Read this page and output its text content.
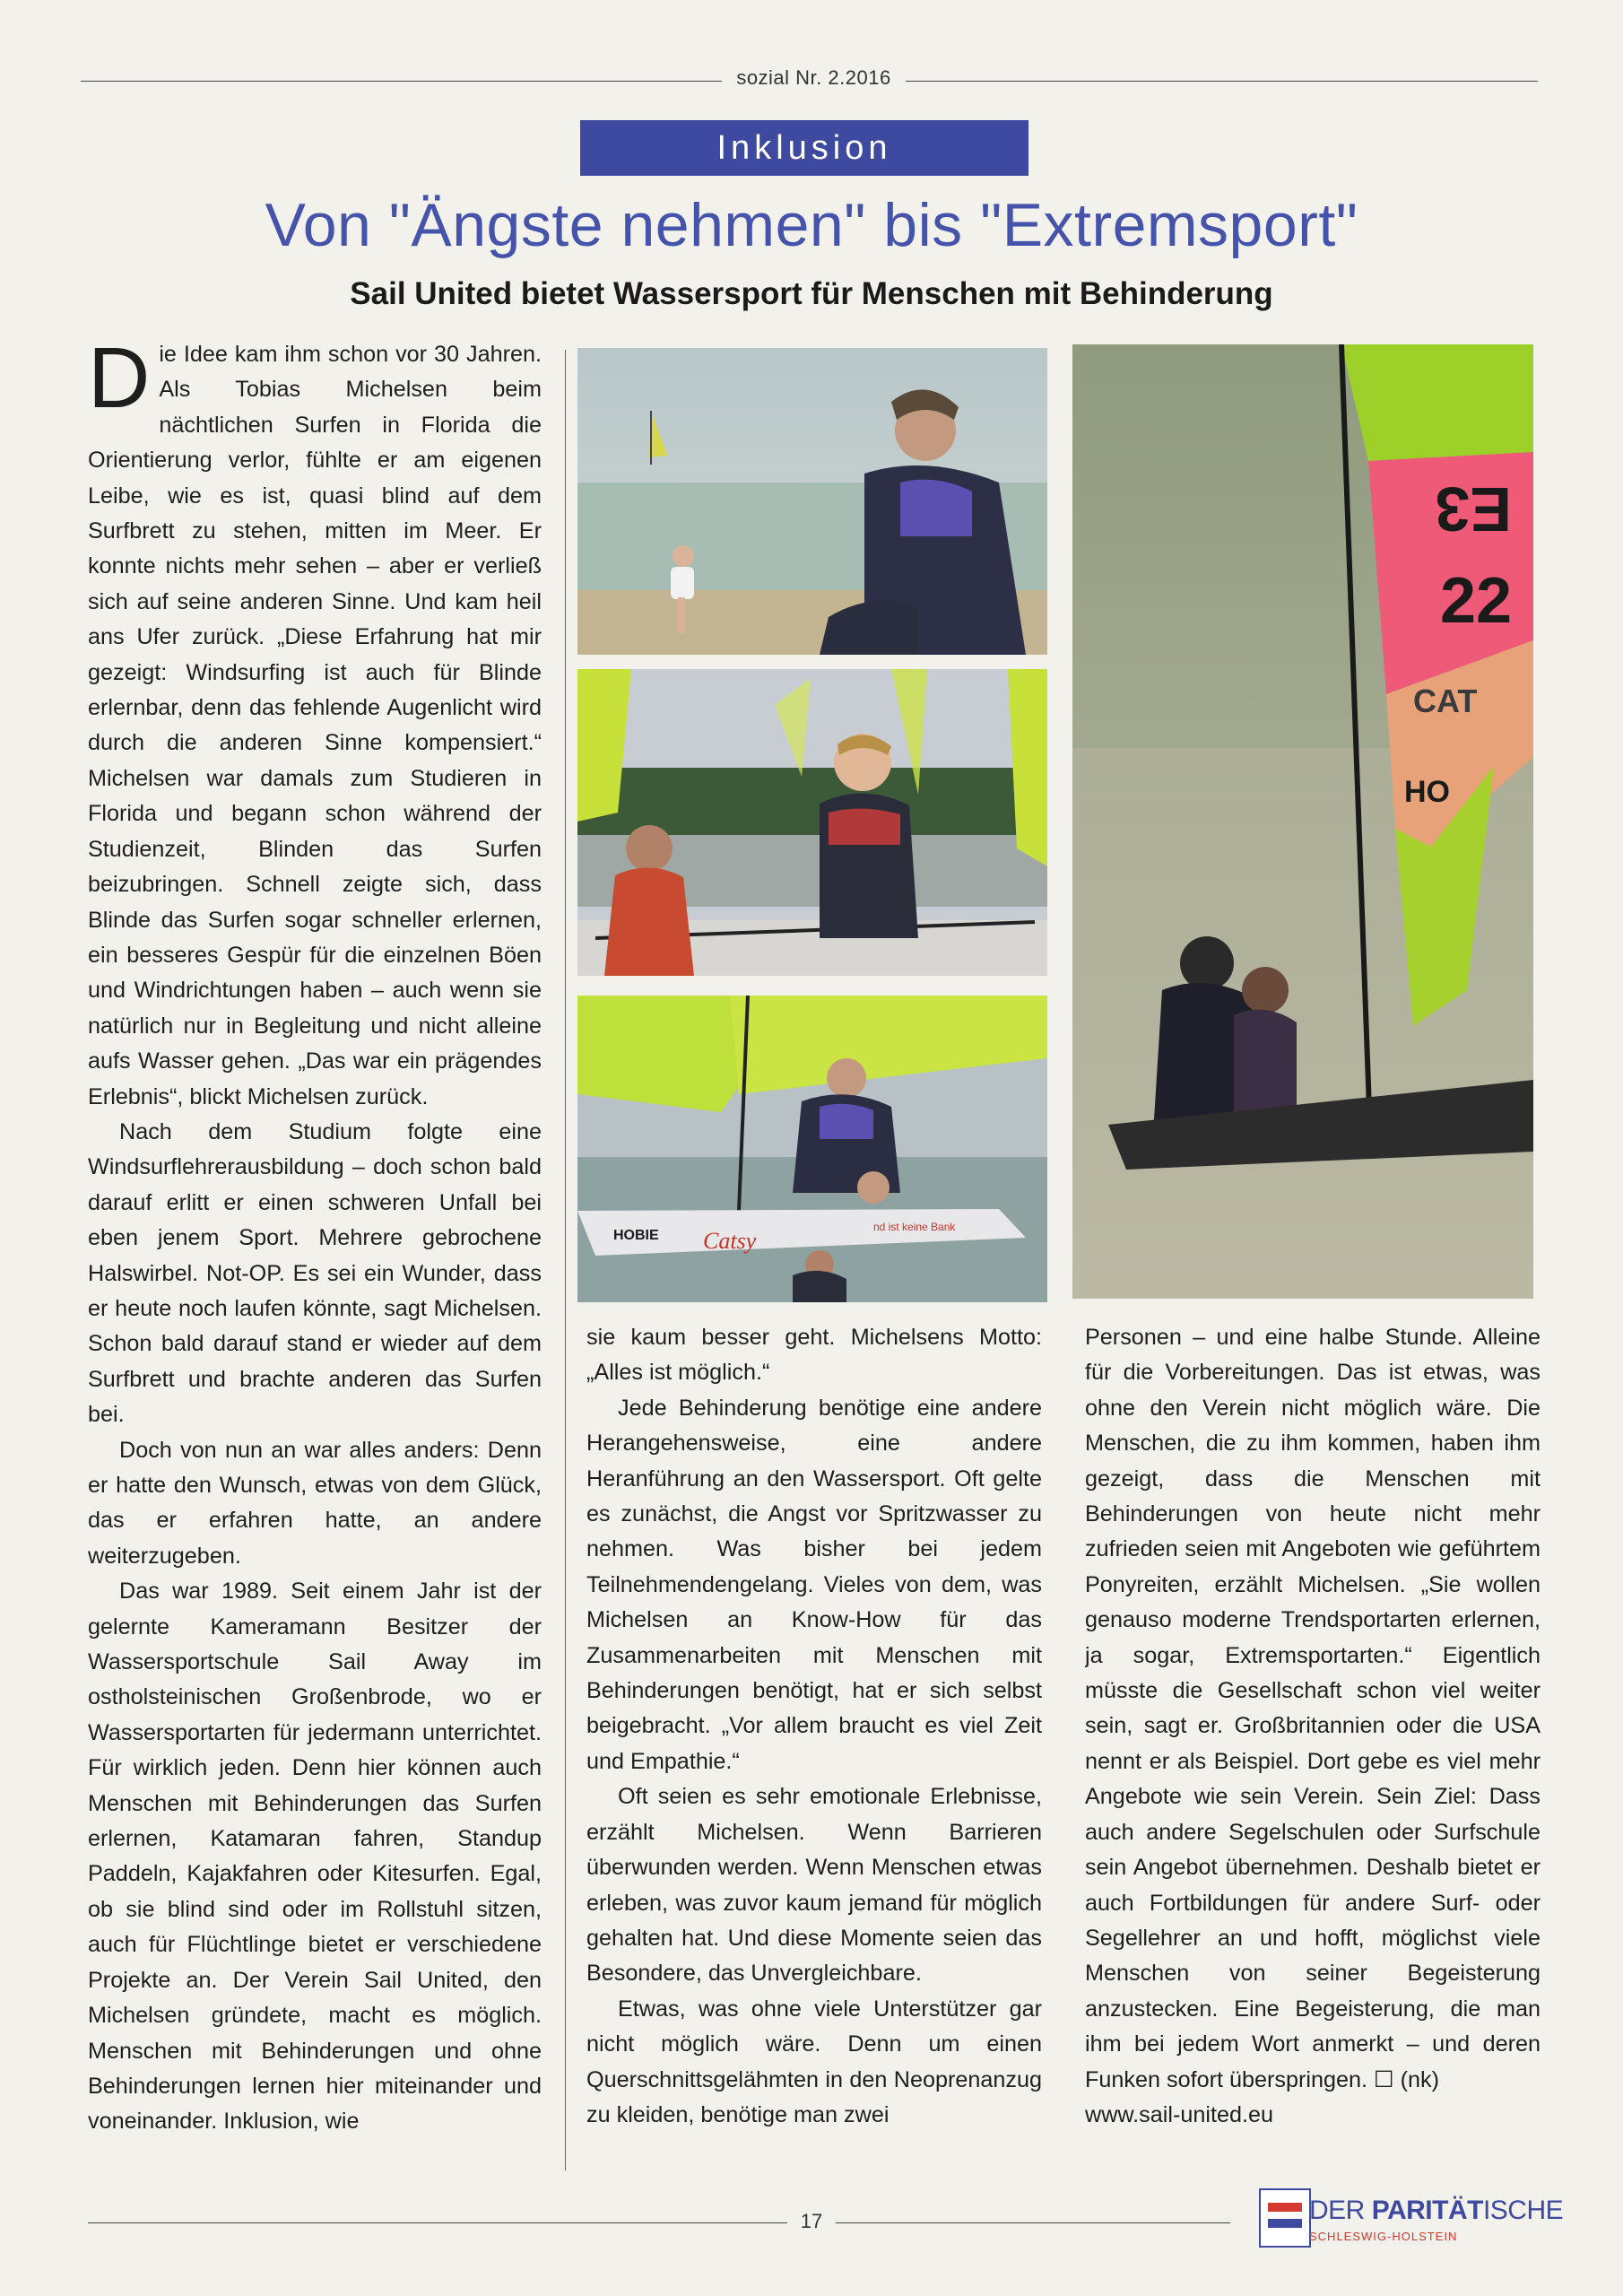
sozial Nr. 2.2016
Inklusion
Von "Ängste nehmen" bis "Extremsport"
Sail United bietet Wassersport für Menschen mit Behinderung

Die Idee kam ihm schon vor 30 Jahren. Als Tobias Michelsen beim nächtlichen Surfen in Florida die Orientierung verlor, fühlte er am eigenen Leibe, wie es ist, quasi blind auf dem Surfbrett zu stehen, mitten im Meer. Er konnte nichts mehr sehen – aber er verließ sich auf seine anderen Sinne. Und kam heil ans Ufer zurück. „Diese Erfahrung hat mir gezeigt: Windsurfing ist auch für Blinde erlernbar, denn das fehlende Augenlicht wird durch die anderen Sinne kompensiert.“ Michelsen war damals zum Studieren in Florida und begann schon während der Studienzeit, Blinden das Surfen beizubringen. Schnell zeigte sich, dass Blinde das Surfen sogar schneller erlernen, ein besseres Gespür für die einzelnen Böen und Windrichtungen haben – auch wenn sie natürlich nur in Begleitung und nicht alleine aufs Wasser gehen. „Das war ein prägendes Erlebnis“, blickt Michelsen zurück.

Nach dem Studium folgte eine Windsurflehrerausbildung – doch schon bald darauf erlitt er einen schweren Unfall bei eben jenem Sport. Mehrere gebrochene Halswirbel. Not-OP. Es sei ein Wunder, dass er heute noch laufen könnte, sagt Michelsen. Schon bald darauf stand er wieder auf dem Surfbrett und brachte anderen das Surfen bei.

Doch von nun an war alles anders: Denn er hatte den Wunsch, etwas von dem Glück, das er erfahren hatte, an andere weiterzugeben.

Das war 1989. Seit einem Jahr ist der gelernte Kameramann Besitzer der Wassersportschule Sail Away im ostholsteinischen Großenbrode, wo er Wassersportarten für jedermann unterrichtet. Für wirklich jeden. Denn hier können auch Menschen mit Behinderungen das Surfen erlernen, Katamaran fahren, Standup Paddeln, Kajakfahren oder Kitesurfen. Egal, ob sie blind sind oder im Rollstuhl sitzen, auch für Flüchtlinge bietet er verschiedene Projekte an. Der Verein Sail United, den Michelsen gründete, macht es möglich. Menschen mit Behinderungen und ohne Behinderungen lernen hier miteinander und voneinander. Inklusion, wie

HOBIE Catsy
nd ist keine Bank
E3
22
CAT
HO

sie kaum besser geht. Michelsens Motto: „Alles ist möglich.“

Jede Behinderung benötige eine andere Herangehensweise, eine andere Heranführung an den Wassersport. Oft gelte es zunächst, die Angst vor Spritzwasser zu nehmen. Was bisher bei jedem Teilnehmendengelang. Vieles von dem, was Michelsen an Know-How für das Zusammenarbeiten mit Menschen mit Behinderungen benötigt, hat er sich selbst beigebracht. „Vor allem braucht es viel Zeit und Empathie.“

Oft seien es sehr emotionale Erlebnisse, erzählt Michelsen. Wenn Barrieren überwunden werden. Wenn Menschen etwas erleben, was zuvor kaum jemand für möglich gehalten hat. Und diese Momente seien das Besondere, das Unvergleichbare.

Etwas, was ohne viele Unterstützer gar nicht möglich wäre. Denn um einen Querschnittsgelähmten in den Neoprenanzug zu kleiden, benötige man zwei

Personen – und eine halbe Stunde. Alleine für die Vorbereitungen. Das ist etwas, was ohne den Verein nicht möglich wäre. Die Menschen, die zu ihm kommen, haben ihm gezeigt, dass die Menschen mit Behinderungen von heute nicht mehr zufrieden seien mit Angeboten wie geführtem Ponyreiten, erzählt Michelsen. „Sie wollen genauso moderne Trendsportarten erlernen, ja sogar, Extremsportarten.“ Eigentlich müsste die Gesellschaft schon viel weiter sein, sagt er. Großbritannien oder die USA nennt er als Beispiel. Dort gebe es viel mehr Angebote wie sein Verein. Sein Ziel: Dass auch andere Segelschulen oder Surfschule sein Angebot übernehmen. Deshalb bietet er auch Fortbildungen für andere Surf- oder Segellehrer an und hofft, möglichst viele Menschen von seiner Begeisterung anzustecken. Eine Begeisterung, die man ihm bei jedem Wort anmerkt – und deren Funken sofort überspringen. ☐ (nk)

www.sail-united.eu

17	DER PARITÄTISCHE
SCHLESWIG-HOLSTEIN
